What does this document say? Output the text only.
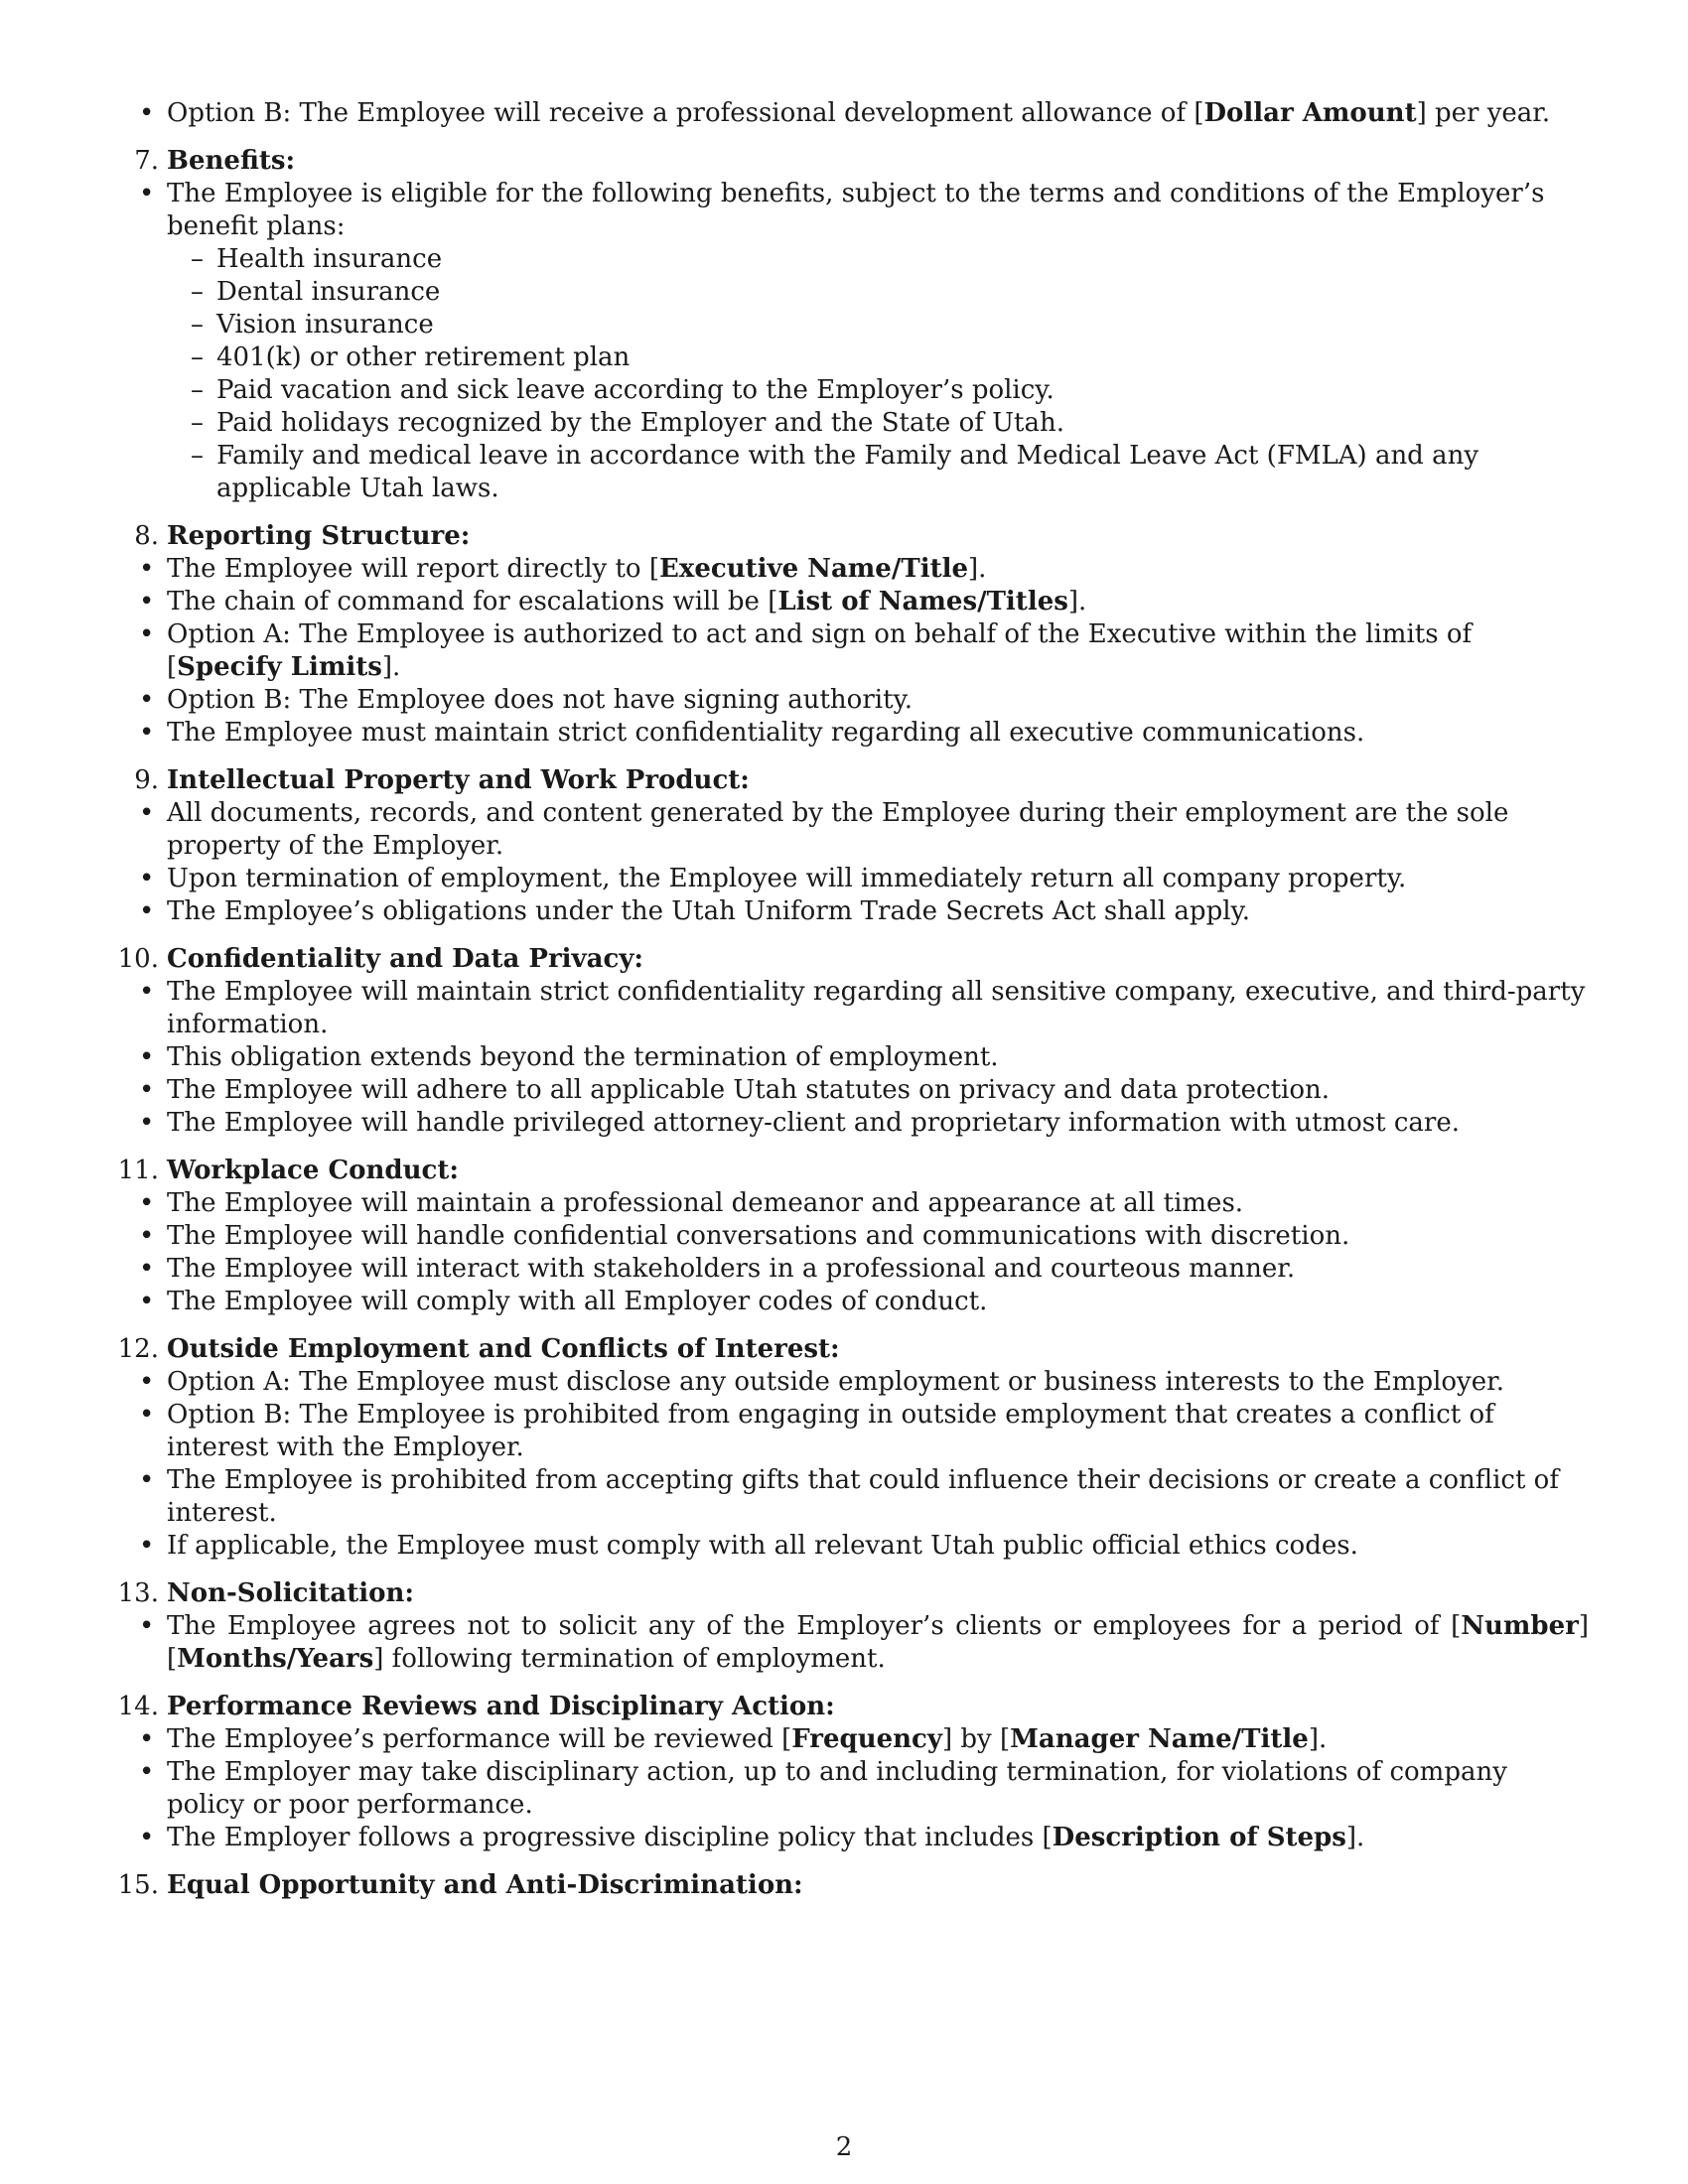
• Option B: The Employee will receive a professional development allowance of [Dollar Amount] per year.
7. Benefits:
• The Employee is eligible for the following benefits, subject to the terms and conditions of the Employer’s benefit plans:
– Health insurance
– Dental insurance
– Vision insurance
– 401(k) or other retirement plan
– Paid vacation and sick leave according to the Employer’s policy.
– Paid holidays recognized by the Employer and the State of Utah.
– Family and medical leave in accordance with the Family and Medical Leave Act (FMLA) and any applicable Utah laws.
8. Reporting Structure:
• The Employee will report directly to [Executive Name/Title].
• The chain of command for escalations will be [List of Names/Titles].
• Option A: The Employee is authorized to act and sign on behalf of the Executive within the limits of [Specify Limits].
• Option B: The Employee does not have signing authority.
• The Employee must maintain strict confidentiality regarding all executive communications.
9. Intellectual Property and Work Product:
• All documents, records, and content generated by the Employee during their employment are the sole property of the Employer.
• Upon termination of employment, the Employee will immediately return all company property.
• The Employee’s obligations under the Utah Uniform Trade Secrets Act shall apply.
10. Confidentiality and Data Privacy:
• The Employee will maintain strict confidentiality regarding all sensitive company, executive, and third-party information.
• This obligation extends beyond the termination of employment.
• The Employee will adhere to all applicable Utah statutes on privacy and data protection.
• The Employee will handle privileged attorney-client and proprietary information with utmost care.
11. Workplace Conduct:
• The Employee will maintain a professional demeanor and appearance at all times.
• The Employee will handle confidential conversations and communications with discretion.
• The Employee will interact with stakeholders in a professional and courteous manner.
• The Employee will comply with all Employer codes of conduct.
12. Outside Employment and Conflicts of Interest:
• Option A: The Employee must disclose any outside employment or business interests to the Employer.
• Option B: The Employee is prohibited from engaging in outside employment that creates a conflict of interest with the Employer.
• The Employee is prohibited from accepting gifts that could influence their decisions or create a conflict of interest.
• If applicable, the Employee must comply with all relevant Utah public official ethics codes.
13. Non-Solicitation:
• The Employee agrees not to solicit any of the Employer’s clients or employees for a period of [Number] [Months/Years] following termination of employment.
14. Performance Reviews and Disciplinary Action:
• The Employee’s performance will be reviewed [Frequency] by [Manager Name/Title].
• The Employer may take disciplinary action, up to and including termination, for violations of company policy or poor performance.
• The Employer follows a progressive discipline policy that includes [Description of Steps].
15. Equal Opportunity and Anti-Discrimination:
2
